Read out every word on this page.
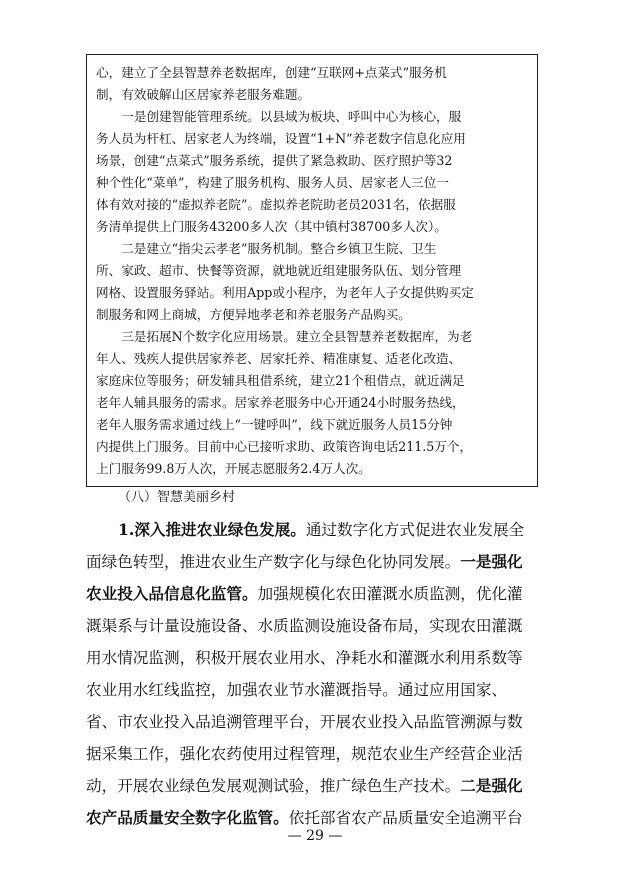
心，建立了全县智慧养老数据库，创建“互联网+点菜式”服务机
制，有效破解山区居家养老服务难题。
　　一是创建智能管理系统。以县域为板块、呼叫中心为核心，服
务人员为杆杠、居家老人为终端，设置“1+N”养老数字信息化应用
场景，创建“点菜式”服务系统，提供了紧急救助、医疗照护等32
种个性化“菜单”，构建了服务机构、服务人员、居家老人三位一
体有效对接的“虚拟养老院”。虚拟养老院助老员2031名，依据服
务清单提供上门服务43200多人次（其中镇村38700多人次）。
　　二是建立“指尖云孝老”服务机制。整合乡镇卫生院、卫生
所、家政、超市、快餐等资源，就地就近组建服务队伍、划分管理
网格、设置服务驿站。利用App或小程序，为老年人子女提供购买定
制服务和网上商城，方便异地孝老和养老服务产品购买。
　　三是拓展N个数字化应用场景。建立全县智慧养老数据库，为老
年人、残疾人提供居家养老、居家托养、精准康复、适老化改造、
家庭床位等服务；研发辅具租借系统，建立21个租借点，就近满足
老年人辅具服务的需求。居家养老服务中心开通24小时服务热线，
老年人服务需求通过线上“一键呼叫”，线下就近服务人员15分钟
内提供上门服务。目前中心已接听求助、政策咨询电话211.5万个，
上门服务99.8万人次，开展志愿服务2.4万人次。
（八）智慧美丽乡村
1.深入推进农业绿色发展。通过数字化方式促进农业发展全
面绿色转型，推进农业生产数字化与绿色化协同发展。一是强化
农业投入品信息化监管。加强规模化农田灌溉水质监测，优化灌
溉渠系与计量设施设备、水质监测设施设备布局，实现农田灌溉
用水情况监测，积极开展农业用水、净耗水和灌溉水利用系数等
农业用水红线监控，加强农业节水灌溉指导。通过应用国家、
省、市农业投入品追溯管理平台，开展农业投入品监管溯源与数
据采集工作，强化农药使用过程管理，规范农业生产经营企业活
动，开展农业绿色发展观测试验，推广绿色生产技术。二是强化
农产品质量安全数字化监管。依托部省农产品质量安全追溯平台
— 29 —
